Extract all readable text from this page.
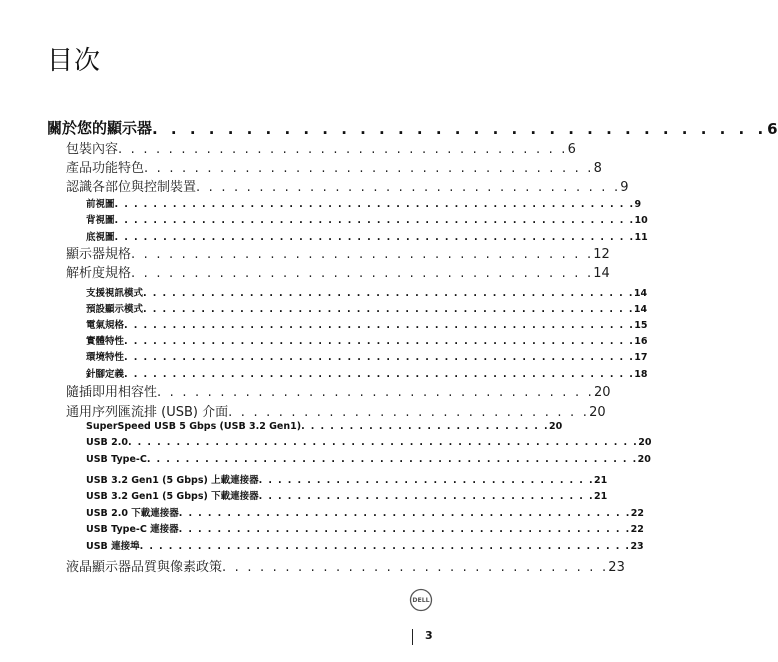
目次
關於您的顯示器 . . . . . . . . . . . . . . . . . . . . . . . . . . . . . . . . . 6
包裝內容 . . . . . . . . . . . . . . . . . . . . . . . . . . . . . . . . . . . . 6
產品功能特色 . . . . . . . . . . . . . . . . . . . . . . . . . . . . . . . . . . . . 8
認識各部位與控制裝置 . . . . . . . . . . . . . . . . . . . . . . . . . . . . . . . . . . 9
前視圖 . . . . . . . . . . . . . . . . . . . . . . . . . . . . . . . . . . . . . . . . . . . . . . . . . . . . . . 9
背視圖 . . . . . . . . . . . . . . . . . . . . . . . . . . . . . . . . . . . . . . . . . . . . . . . . . . . . . . 10
底視圖 . . . . . . . . . . . . . . . . . . . . . . . . . . . . . . . . . . . . . . . . . . . . . . . . . . . . . . 11
顯示器規格 . . . . . . . . . . . . . . . . . . . . . . . . . . . . . . . . . . . . . 12
解析度規格 . . . . . . . . . . . . . . . . . . . . . . . . . . . . . . . . . . . . . 14
支援視訊模式 . . . . . . . . . . . . . . . . . . . . . . . . . . . . . . . . . . . . . . . . . . . . . . . . . . . 14
預設顯示模式 . . . . . . . . . . . . . . . . . . . . . . . . . . . . . . . . . . . . . . . . . . . . . . . . . . . 14
電氣規格 . . . . . . . . . . . . . . . . . . . . . . . . . . . . . . . . . . . . . . . . . . . . . . . . . . . . . 15
實體特性 . . . . . . . . . . . . . . . . . . . . . . . . . . . . . . . . . . . . . . . . . . . . . . . . . . . . . 16
環境特性 . . . . . . . . . . . . . . . . . . . . . . . . . . . . . . . . . . . . . . . . . . . . . . . . . . . . . 17
針腳定義 . . . . . . . . . . . . . . . . . . . . . . . . . . . . . . . . . . . . . . . . . . . . . . . . . . . . . 18
隨插即用相容性 . . . . . . . . . . . . . . . . . . . . . . . . . . . . . . . . . . . 20
通用序列匯流排 (USB) 介面 . . . . . . . . . . . . . . . . . . . . . . . . . . . . . 20
SuperSpeed USB 5 Gbps (USB 3.2 Gen1) . . . . . . . . . . . . . . . . . . . . . . . . . . 20
USB 2.0 . . . . . . . . . . . . . . . . . . . . . . . . . . . . . . . . . . . . . . . . . . . . . . . . . . . . . 20
USB Type-C . . . . . . . . . . . . . . . . . . . . . . . . . . . . . . . . . . . . . . . . . . . . . . . . . . . 20
USB 3.2 Gen1 (5 Gbps) 上載連接器 . . . . . . . . . . . . . . . . . . . . . . . . . . . . . . . . . . . 21
USB 3.2 Gen1 (5 Gbps) 下載連接器 . . . . . . . . . . . . . . . . . . . . . . . . . . . . . . . . . . . 21
USB 2.0 下載連接器 . . . . . . . . . . . . . . . . . . . . . . . . . . . . . . . . . . . . . . . . . . . . . . . 22
USB Type-C 連接器 . . . . . . . . . . . . . . . . . . . . . . . . . . . . . . . . . . . . . . . . . . . . . . . 22
USB 連接埠 . . . . . . . . . . . . . . . . . . . . . . . . . . . . . . . . . . . . . . . . . . . . . . . . . . . 23
液晶顯示器品質與像素政策 . . . . . . . . . . . . . . . . . . . . . . . . . . . . . . . 23
DELL
3
